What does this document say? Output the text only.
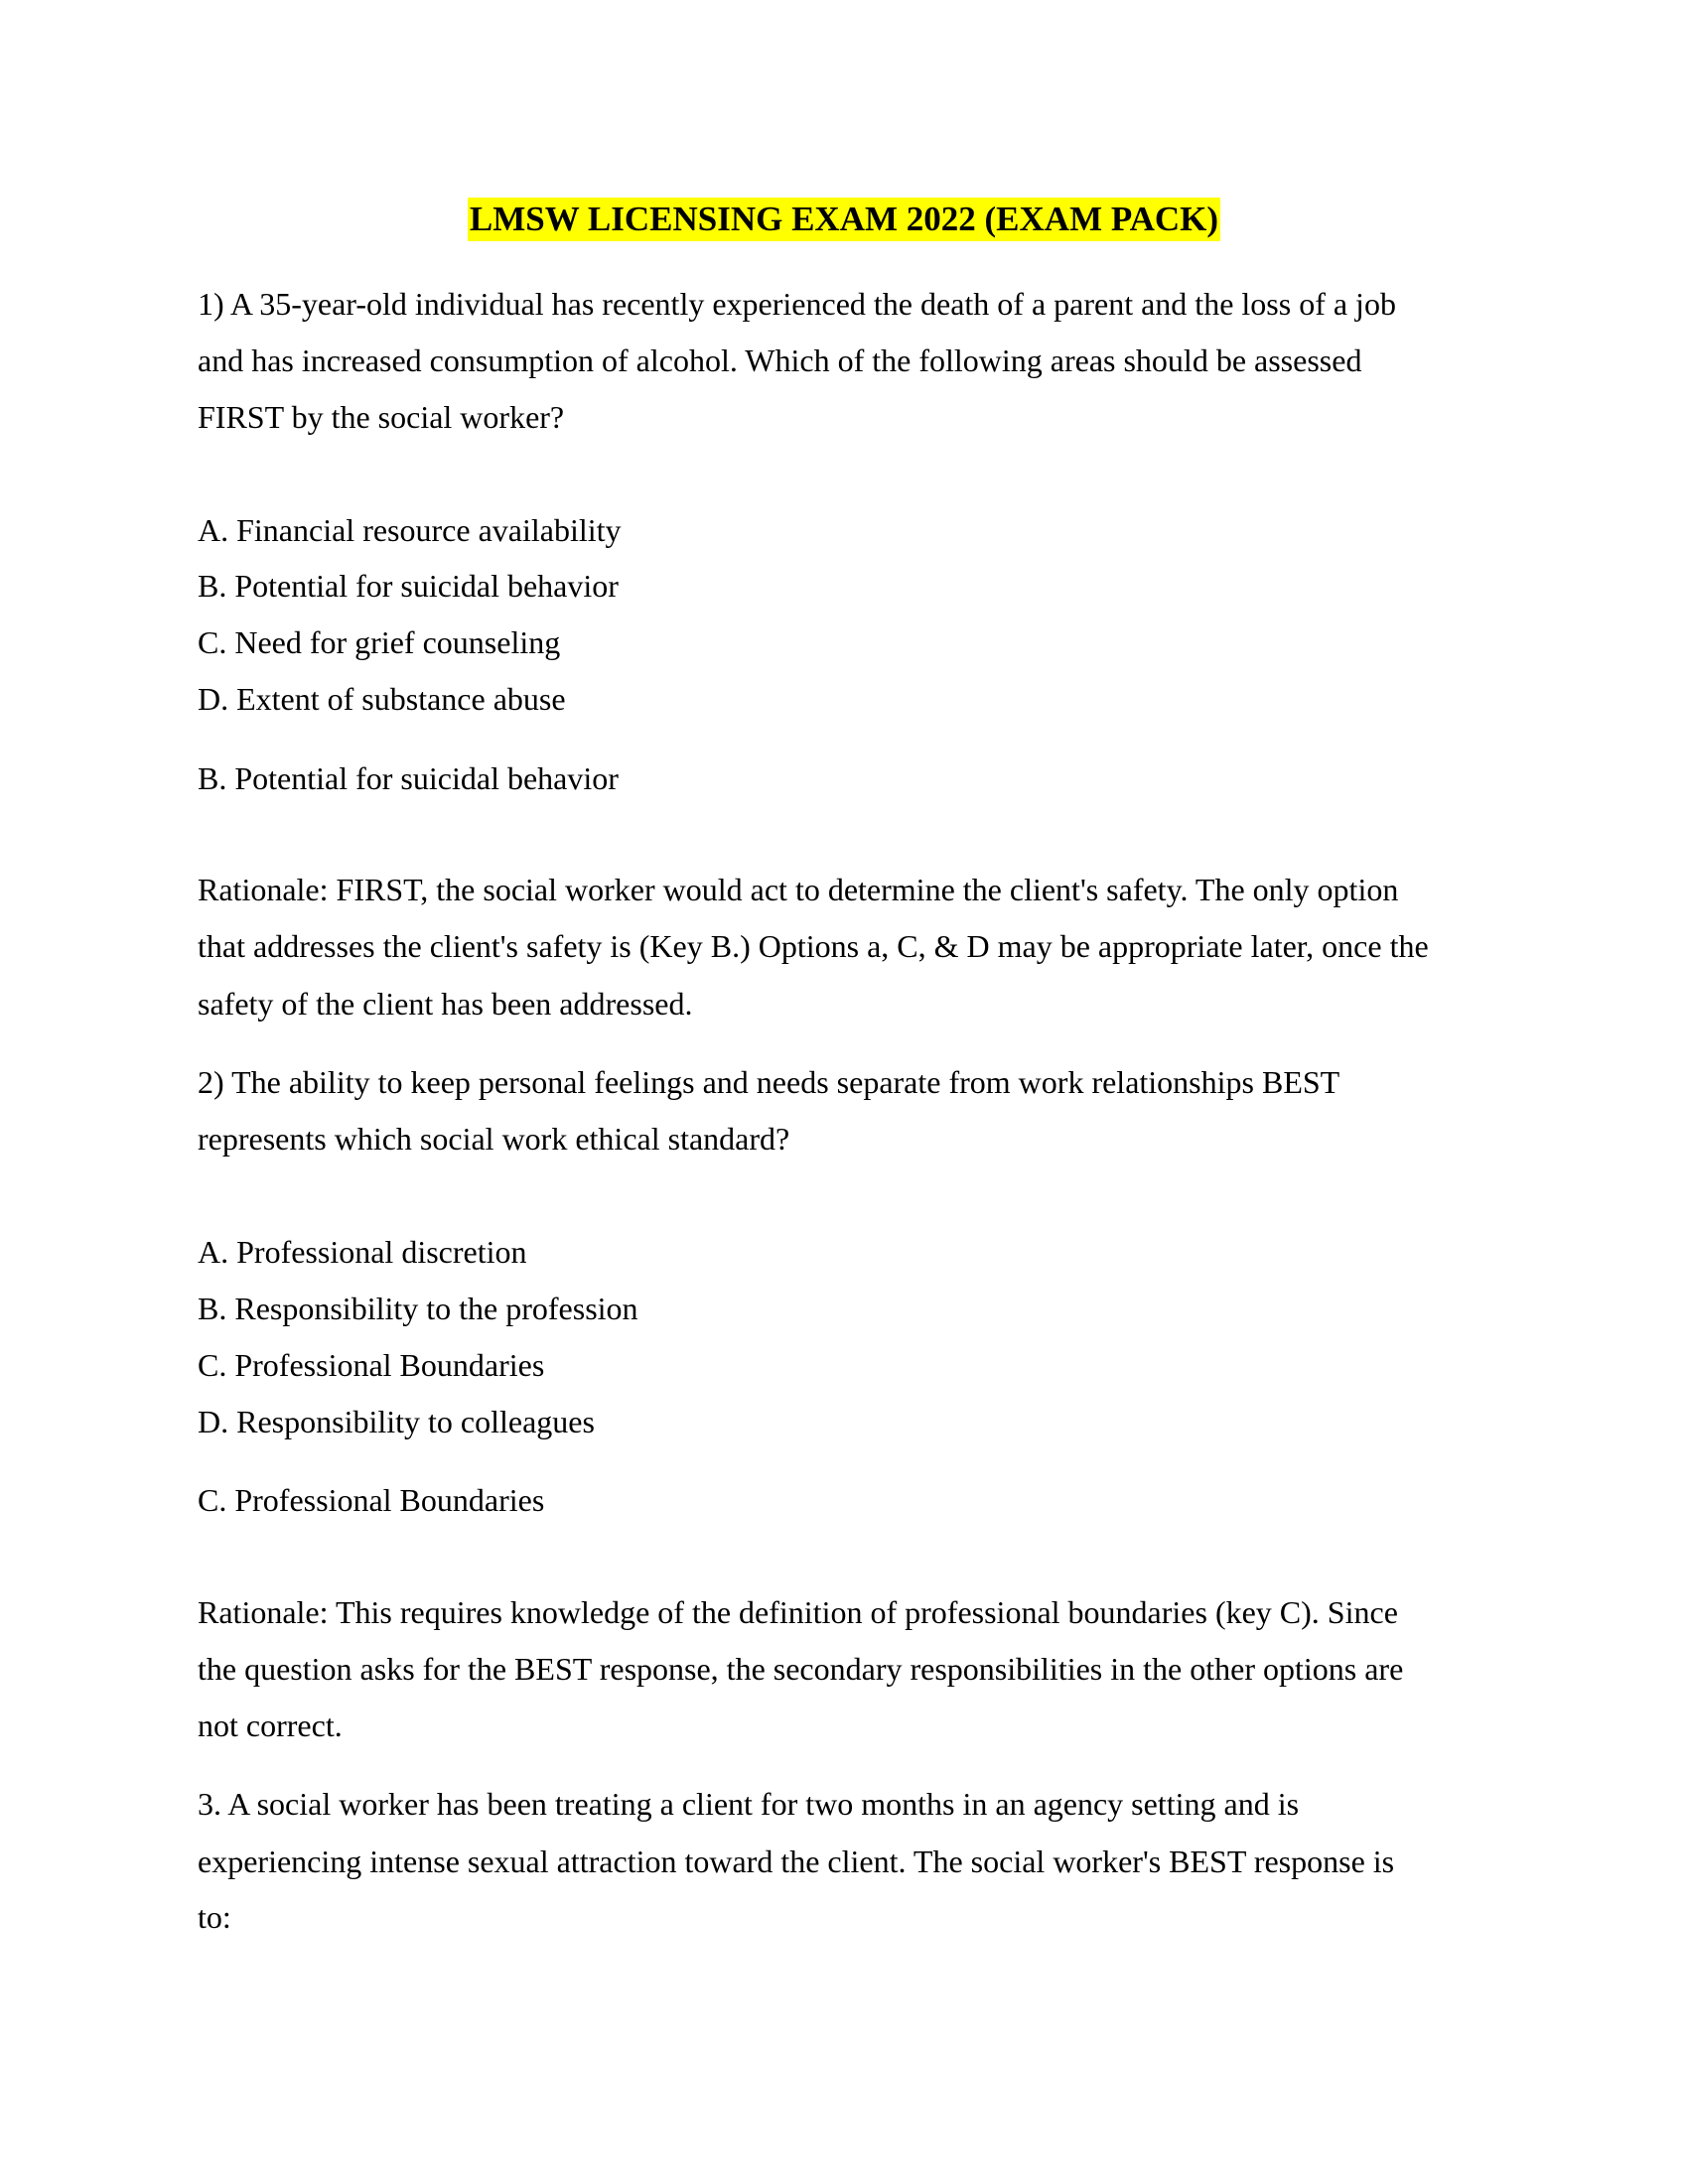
LMSW LICENSING EXAM 2022 (EXAM PACK)
1) A 35-year-old individual has recently experienced the death of a parent and the loss of a job
and has increased consumption of alcohol. Which of the following areas should be assessed
FIRST by the social worker?
A. Financial resource availability
B. Potential for suicidal behavior
C. Need for grief counseling
D. Extent of substance abuse
B. Potential for suicidal behavior
Rationale: FIRST, the social worker would act to determine the client's safety. The only option
that addresses the client's safety is (Key B.) Options a, C, & D may be appropriate later, once the
safety of the client has been addressed.
2) The ability to keep personal feelings and needs separate from work relationships BEST
represents which social work ethical standard?
A. Professional discretion
B. Responsibility to the profession
C. Professional Boundaries
D. Responsibility to colleagues
C. Professional Boundaries
Rationale: This requires knowledge of the definition of professional boundaries (key C). Since
the question asks for the BEST response, the secondary responsibilities in the other options are
not correct.
3. A social worker has been treating a client for two months in an agency setting and is
experiencing intense sexual attraction toward the client. The social worker's BEST response is
to:
